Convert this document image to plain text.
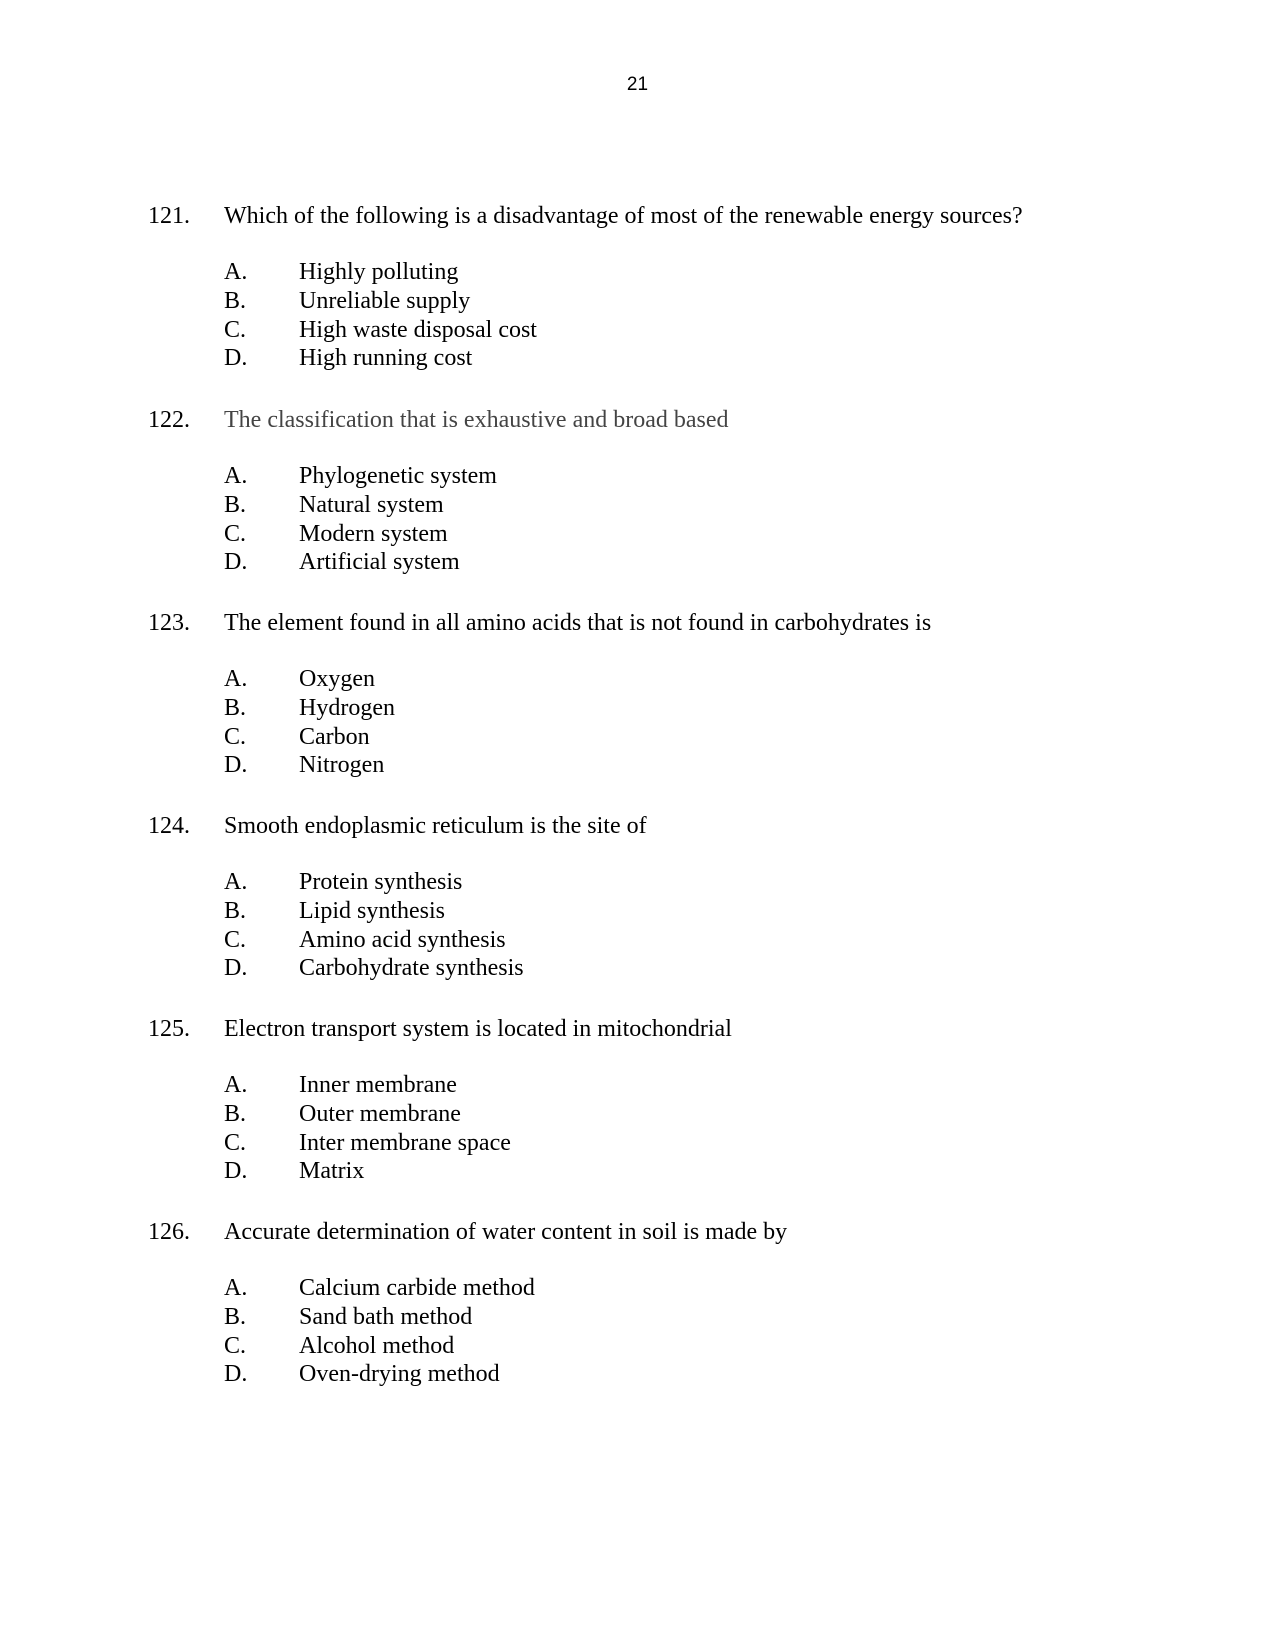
21
121.	Which of the following is a disadvantage of most of the renewable energy sources?
A.	Highly polluting
B.	Unreliable supply
C.	High waste disposal cost
D.	High running cost
122.	The classification that is exhaustive and broad based
A.	Phylogenetic system
B.	Natural system
C.	Modern system
D.	Artificial system
123.	The element found in all amino acids that is not found in carbohydrates is
A.	Oxygen
B.	Hydrogen
C.	Carbon
D.	Nitrogen
124.	Smooth endoplasmic reticulum is the site of
A.	Protein synthesis
B.	Lipid synthesis
C.	Amino acid synthesis
D.	Carbohydrate synthesis
125.	Electron transport system is located in mitochondrial
A.	Inner membrane
B.	Outer membrane
C.	Inter membrane space
D.	Matrix
126.	Accurate determination of water content in soil is made by
A.	Calcium carbide method
B.	Sand bath method
C.	Alcohol method
D.	Oven-drying method
